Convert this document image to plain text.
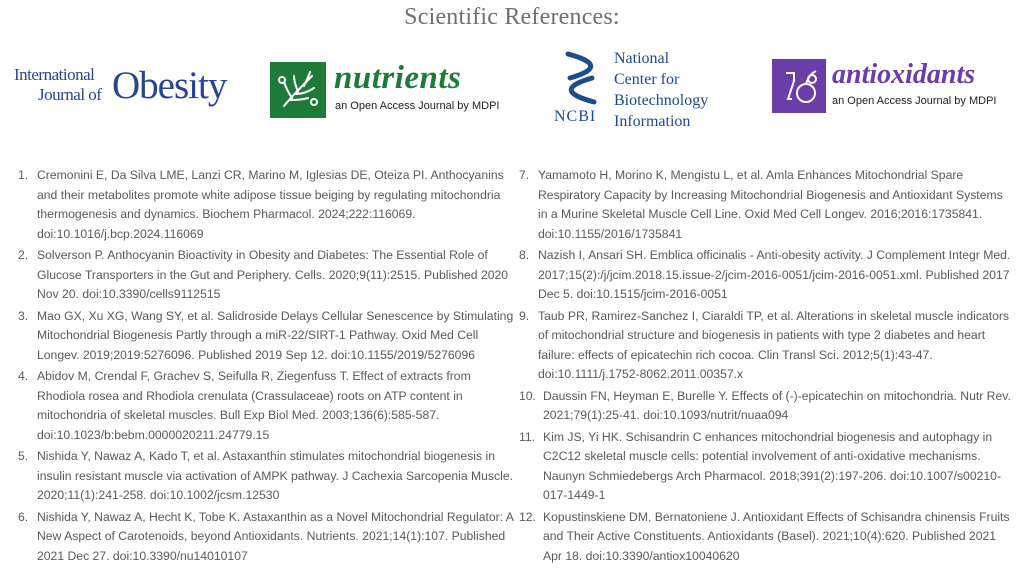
Scientific References:
International
Journal of Obesity	nutrients
an Open Access Journal by MDPI
National
Center for
Biotechnology
Information
NCBI
antioxidants
an Open Access Journal by MDPI
1. Cremonini E, Da Silva LME, Lanzi CR, Marino M, Iglesias DE, Oteiza PI. Anthocyanins and their metabolites promote white adipose tissue beiging by regulating mitochondria thermogenesis and dynamics. Biochem Pharmacol. 2024;222:116069. doi:10.1016/j.bcp.2024.116069
2. Solverson P. Anthocyanin Bioactivity in Obesity and Diabetes: The Essential Role of Glucose Transporters in the Gut and Periphery. Cells. 2020;9(11):2515. Published 2020 Nov 20. doi:10.3390/cells9112515
3. Mao GX, Xu XG, Wang SY, et al. Salidroside Delays Cellular Senescence by Stimulating Mitochondrial Biogenesis Partly through a miR-22/SIRT-1 Pathway. Oxid Med Cell Longev. 2019;2019:5276096. Published 2019 Sep 12. doi:10.1155/2019/5276096
4. Abidov M, Crendal F, Grachev S, Seifulla R, Ziegenfuss T. Effect of extracts from Rhodiola rosea and Rhodiola crenulata (Crassulaceae) roots on ATP content in mitochondria of skeletal muscles. Bull Exp Biol Med. 2003;136(6):585-587. doi:10.1023/b:bebm.0000020211.24779.15
5. Nishida Y, Nawaz A, Kado T, et al. Astaxanthin stimulates mitochondrial biogenesis in insulin resistant muscle via activation of AMPK pathway. J Cachexia Sarcopenia Muscle. 2020;11(1):241-258. doi:10.1002/jcsm.12530
6. Nishida Y, Nawaz A, Hecht K, Tobe K. Astaxanthin as a Novel Mitochondrial Regulator: A New Aspect of Carotenoids, beyond Antioxidants. Nutrients. 2021;14(1):107. Published 2021 Dec 27. doi:10.3390/nu14010107
7. Yamamoto H, Morino K, Mengistu L, et al. Amla Enhances Mitochondrial Spare Respiratory Capacity by Increasing Mitochondrial Biogenesis and Antioxidant Systems in a Murine Skeletal Muscle Cell Line. Oxid Med Cell Longev. 2016;2016:1735841. doi:10.1155/2016/1735841
8. Nazish I, Ansari SH. Emblica officinalis - Anti-obesity activity. J Complement Integr Med. 2017;15(2):/j/jcim.2018.15.issue-2/jcim-2016-0051/jcim-2016-0051.xml. Published 2017 Dec 5. doi:10.1515/jcim-2016-0051
9. Taub PR, Ramirez-Sanchez I, Ciaraldi TP, et al. Alterations in skeletal muscle indicators of mitochondrial structure and biogenesis in patients with type 2 diabetes and heart failure: effects of epicatechin rich cocoa. Clin Transl Sci. 2012;5(1):43-47. doi:10.1111/j.1752-8062.2011.00357.x
10. Daussin FN, Heyman E, Burelle Y. Effects of (-)-epicatechin on mitochondria. Nutr Rev. 2021;79(1):25-41. doi:10.1093/nutrit/nuaa094
11. Kim JS, Yi HK. Schisandrin C enhances mitochondrial biogenesis and autophagy in C2C12 skeletal muscle cells: potential involvement of anti-oxidative mechanisms. Naunyn Schmiedebergs Arch Pharmacol. 2018;391(2):197-206. doi:10.1007/s00210-017-1449-1
12. Kopustinskiene DM, Bernatoniene J. Antioxidant Effects of Schisandra chinensis Fruits and Their Active Constituents. Antioxidants (Basel). 2021;10(4):620. Published 2021 Apr 18. doi:10.3390/antiox10040620
